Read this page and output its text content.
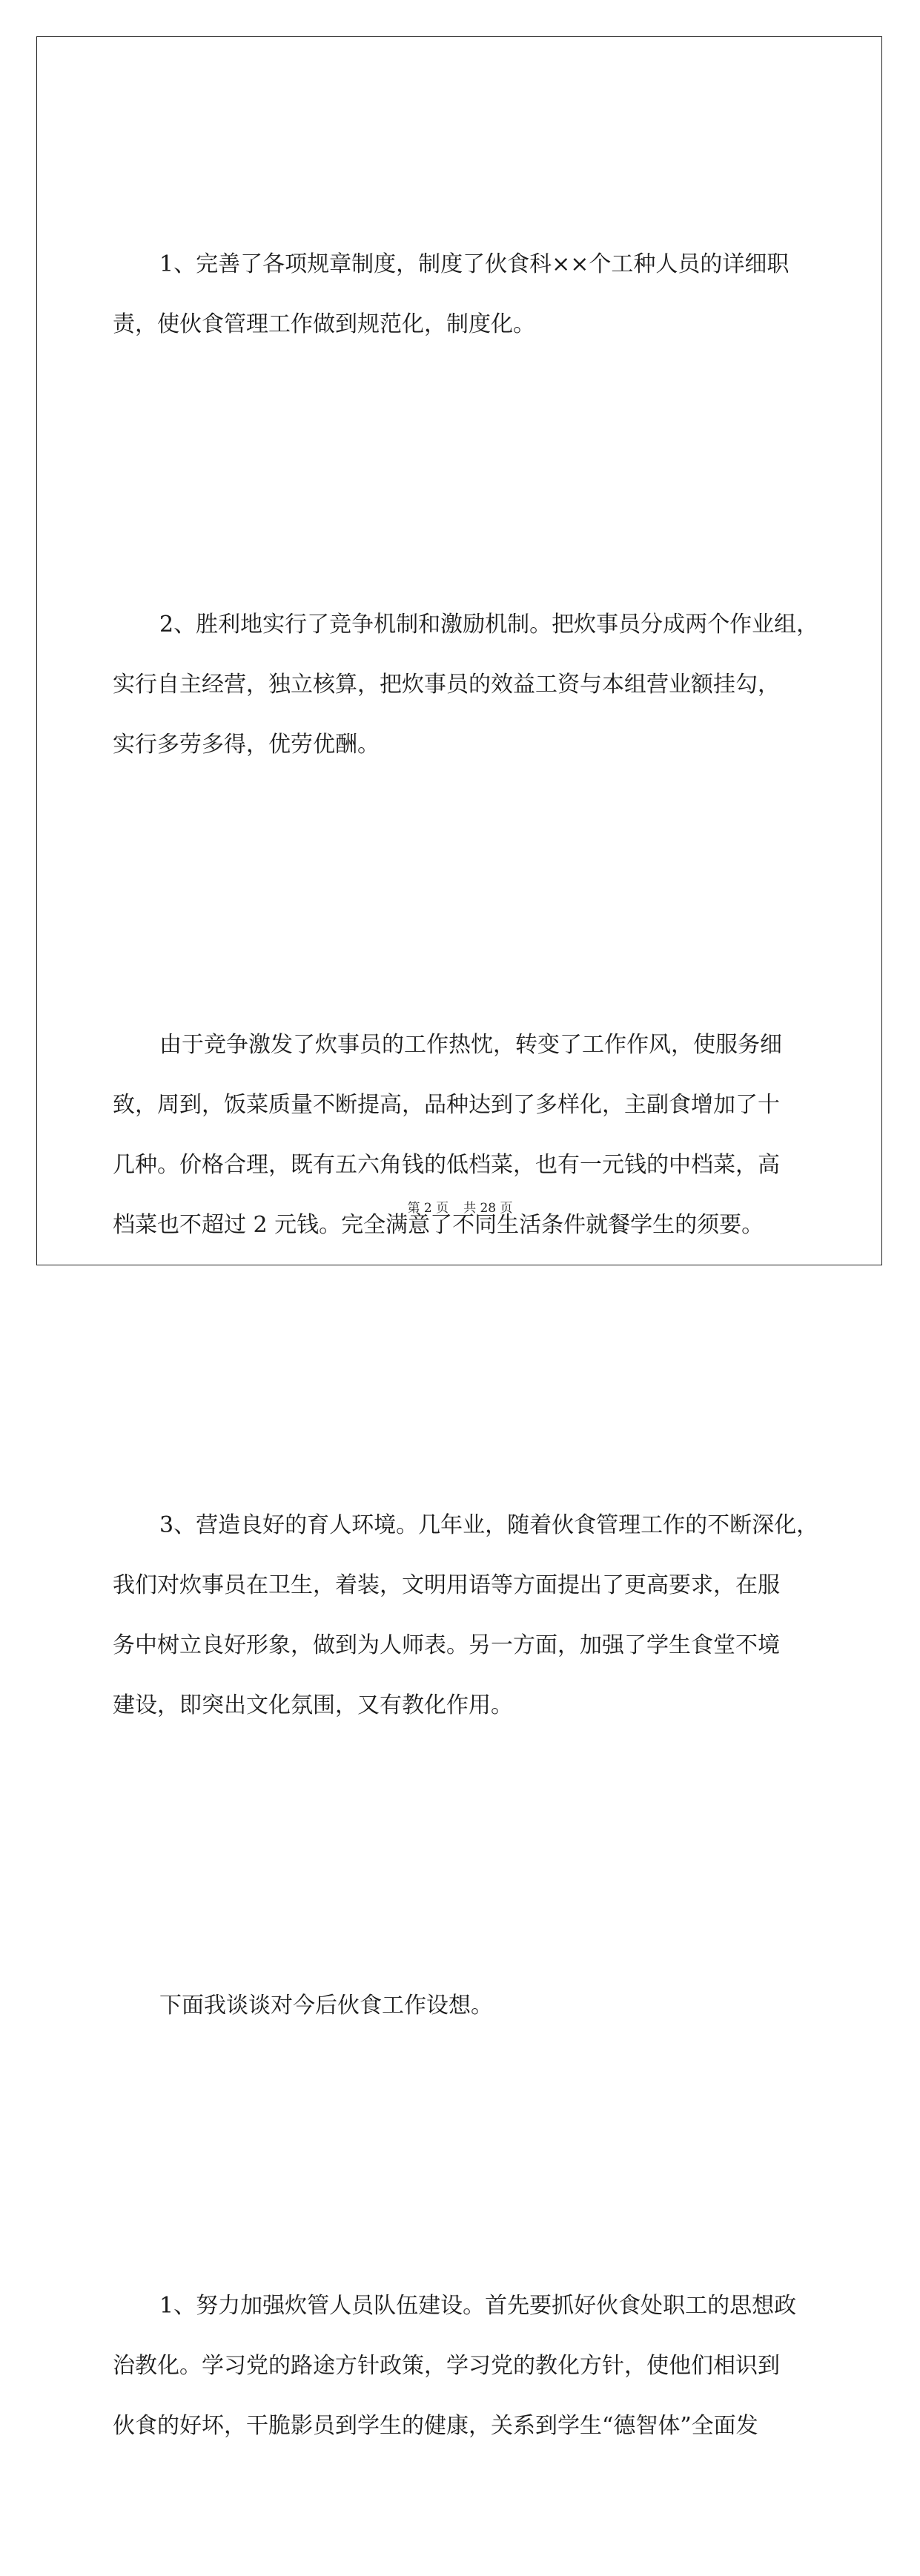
1、完善了各项规章制度，制度了伙食科××个工种人员的详细职
责，使伙食管理工作做到规范化，制度化。

2、胜利地实行了竞争机制和激励机制。把炊事员分成两个作业组，
实行自主经营，独立核算，把炊事员的效益工资与本组营业额挂勾，
实行多劳多得，优劳优酬。

由于竞争激发了炊事员的工作热忱，转变了工作作风，使服务细
致，周到，饭菜质量不断提高，品种达到了多样化，主副食增加了十
几种。价格合理，既有五六角钱的低档菜，也有一元钱的中档菜，高
档菜也不超过 2 元钱。完全满意了不同生活条件就餐学生的须要。

3、营造良好的育人环境。几年业，随着伙食管理工作的不断深化，
我们对炊事员在卫生，着装，文明用语等方面提出了更高要求，在服
务中树立良好形象，做到为人师表。另一方面，加强了学生食堂不境
建设，即突出文化氛围，又有教化作用。

下面我谈谈对今后伙食工作设想。

1、努力加强炊管人员队伍建设。首先要抓好伙食处职工的思想政
治教化。学习党的路途方针政策，学习党的教化方针，使他们相识到
伙食的好坏，干脆影员到学生的健康，关系到学生“德智体”全面发

第 2 页 共 28 页
